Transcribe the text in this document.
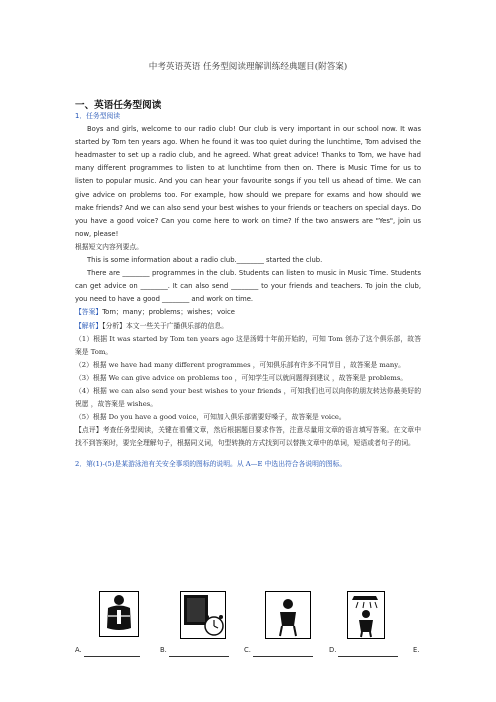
中考英语英语 任务型阅读理解训练经典题目(附答案)
一、英语任务型阅读

1．任务型阅读

Boys and girls, welcome to our radio club! Our club is very important in our school now. It was started by Tom ten years ago. When he found it was too quiet during the lunchtime, Tom advised the headmaster to set up a radio club, and he agreed. What great advice! Thanks to Tom, we have had many different programmes to listen to at lunchtime from then on. There is Music Time for us to listen to popular music. And you can hear your favourite songs if you tell us ahead of time. We can give advice on problems too. For example, how should we prepare for exams and how should we make friends? And we can also send your best wishes to your friends or teachers on special days. Do you have a good voice? Can you come here to work on time? If the two answers are "Yes", join us now, please!

根据短文内容列要点。

This is some information about a radio club.________ started the club.

There are ________ programmes in the club. Students can listen to music in Music Time. Students can get advice on ________. It can also send ________ to your friends and teachers. To join the club, you need to have a good ________ and work on time.

【答案】Tom；many；problems；wishes；voice

【解析】【分析】本文一些关于广播俱乐部的信息。

（1）根据 It was started by Tom ten years ago 这是汤姆十年前开始的，可知 Tom 创办了这个俱乐部，故答案是 Tom。

（2）根据 we have had many different programmes ，可知俱乐部有许多不同节目 ，故答案是 many。

（3）根据 We can give advice on problems too ，可知学生可以就问题得到建议 ，故答案是 problems。

（4）根据 we can also send your best wishes to your friends ，可知我们也可以向你的朋友转达你最美好的祝愿 ，故答案是 wishes。

（5）根据 Do you have a good voice，可知加入俱乐部需要好嗓子，故答案是 voice。

【点评】考查任务型阅读，关键在看懂文章，然后根据题目要求作答，注意尽量用文章的语言填写答案。在文章中找不到答案时，要完全理解句子，根据同义词，句型转换的方式找到可以替换文章中的单词，短语或者句子的词。

2．第(1)-(5)是某游泳池有关安全事项的图标的说明。从 A—E 中选出符合各说明的图标。

A.	B.	C.	D.	E.
